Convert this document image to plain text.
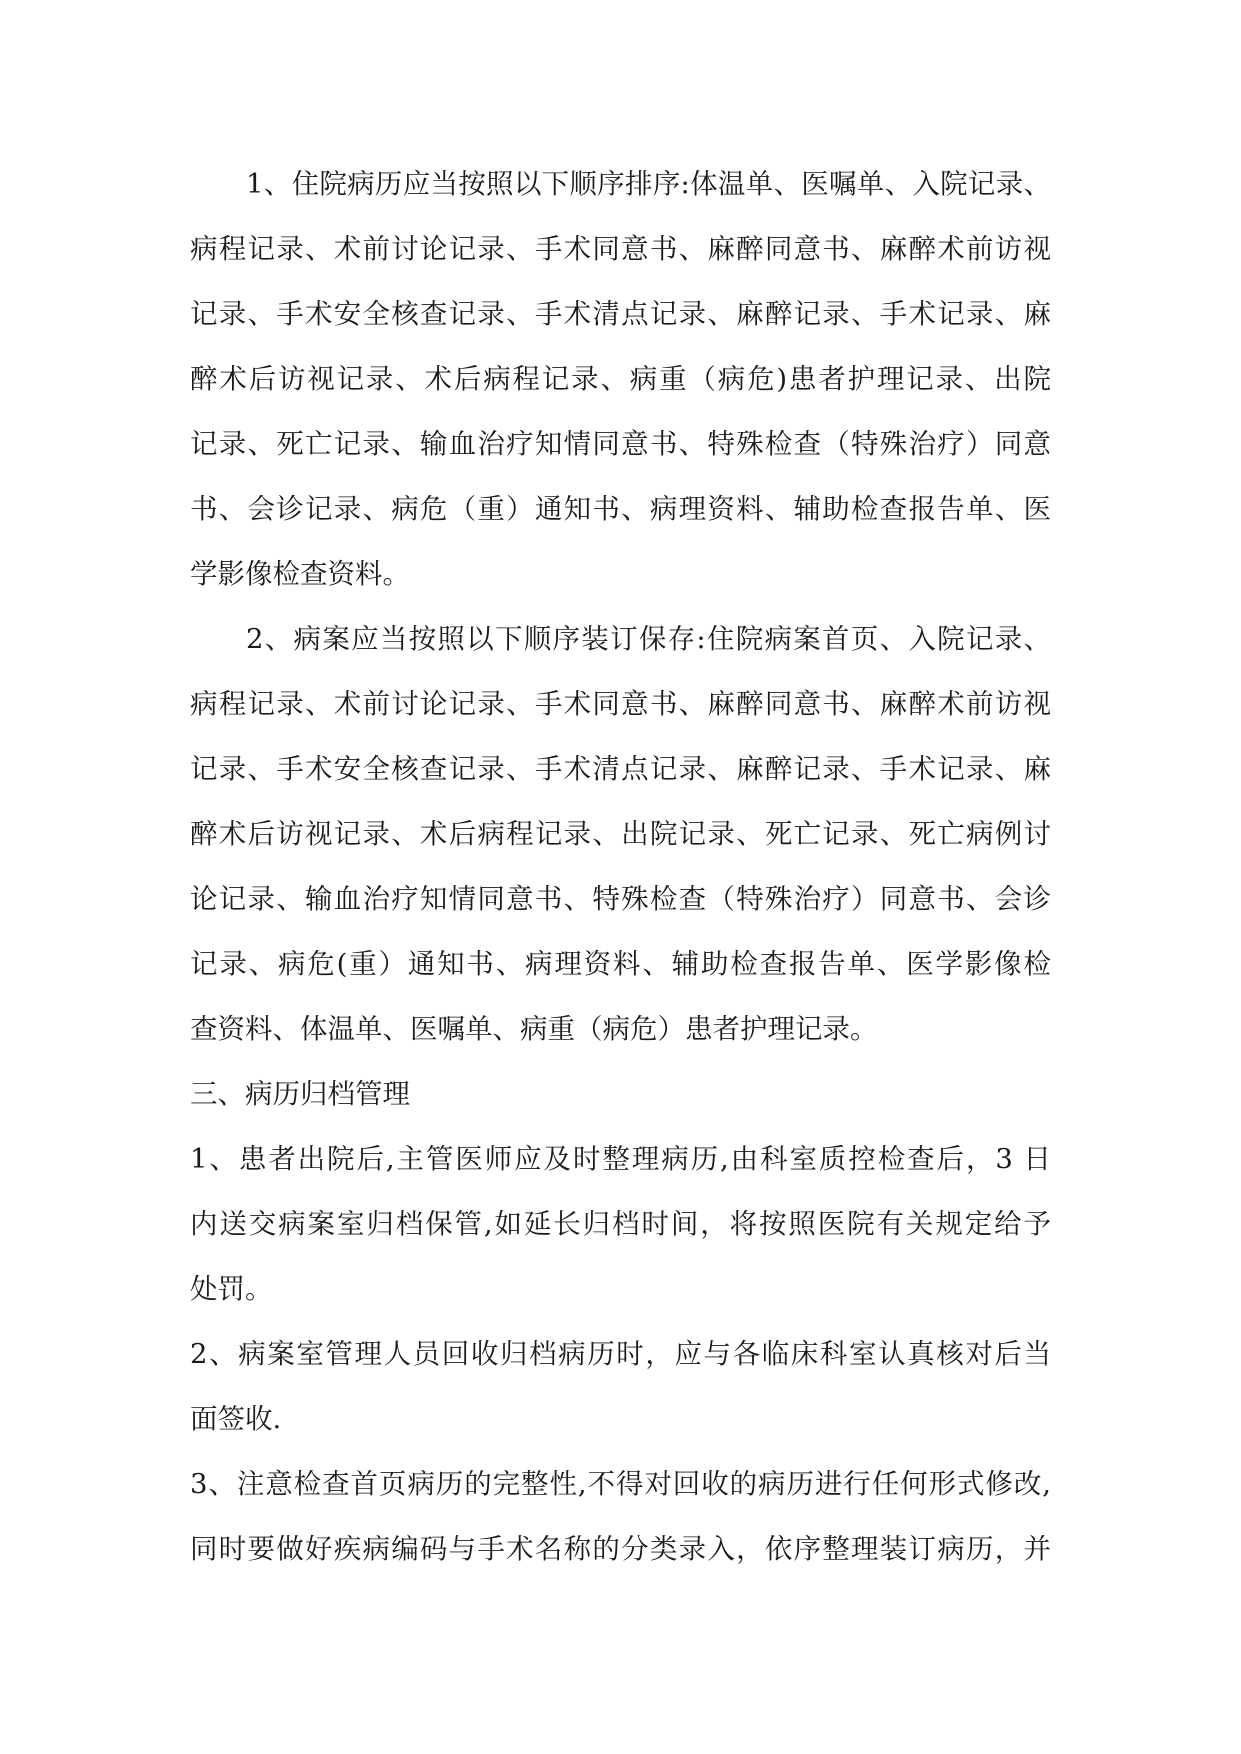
1、住院病历应当按照以下顺序排序:体温单、医嘱单、入院记录、

病程记录、术前讨论记录、手术同意书、麻醉同意书、麻醉术前访视

记录、手术安全核查记录、手术清点记录、麻醉记录、手术记录、麻

醉术后访视记录、术后病程记录、病重（病危)患者护理记录、出院

记录、死亡记录、输血治疗知情同意书、特殊检查（特殊治疗）同意

书、会诊记录、病危（重）通知书、病理资料、辅助检查报告单、医

学影像检查资料。

2、病案应当按照以下顺序装订保存:住院病案首页、入院记录、

病程记录、术前讨论记录、手术同意书、麻醉同意书、麻醉术前访视

记录、手术安全核查记录、手术清点记录、麻醉记录、手术记录、麻

醉术后访视记录、术后病程记录、出院记录、死亡记录、死亡病例讨

论记录、输血治疗知情同意书、特殊检查（特殊治疗）同意书、会诊

记录、病危(重）通知书、病理资料、辅助检查报告单、医学影像检

查资料、体温单、医嘱单、病重（病危）患者护理记录。

三、病历归档管理

1、患者出院后,主管医师应及时整理病历,由科室质控检查后，3 日

内送交病案室归档保管,如延长归档时间，将按照医院有关规定给予

处罚。

2、病案室管理人员回收归档病历时，应与各临床科室认真核对后当

面签收.

3、注意检查首页病历的完整性,不得对回收的病历进行任何形式修改,

同时要做好疾病编码与手术名称的分类录入，依序整理装订病历，并
